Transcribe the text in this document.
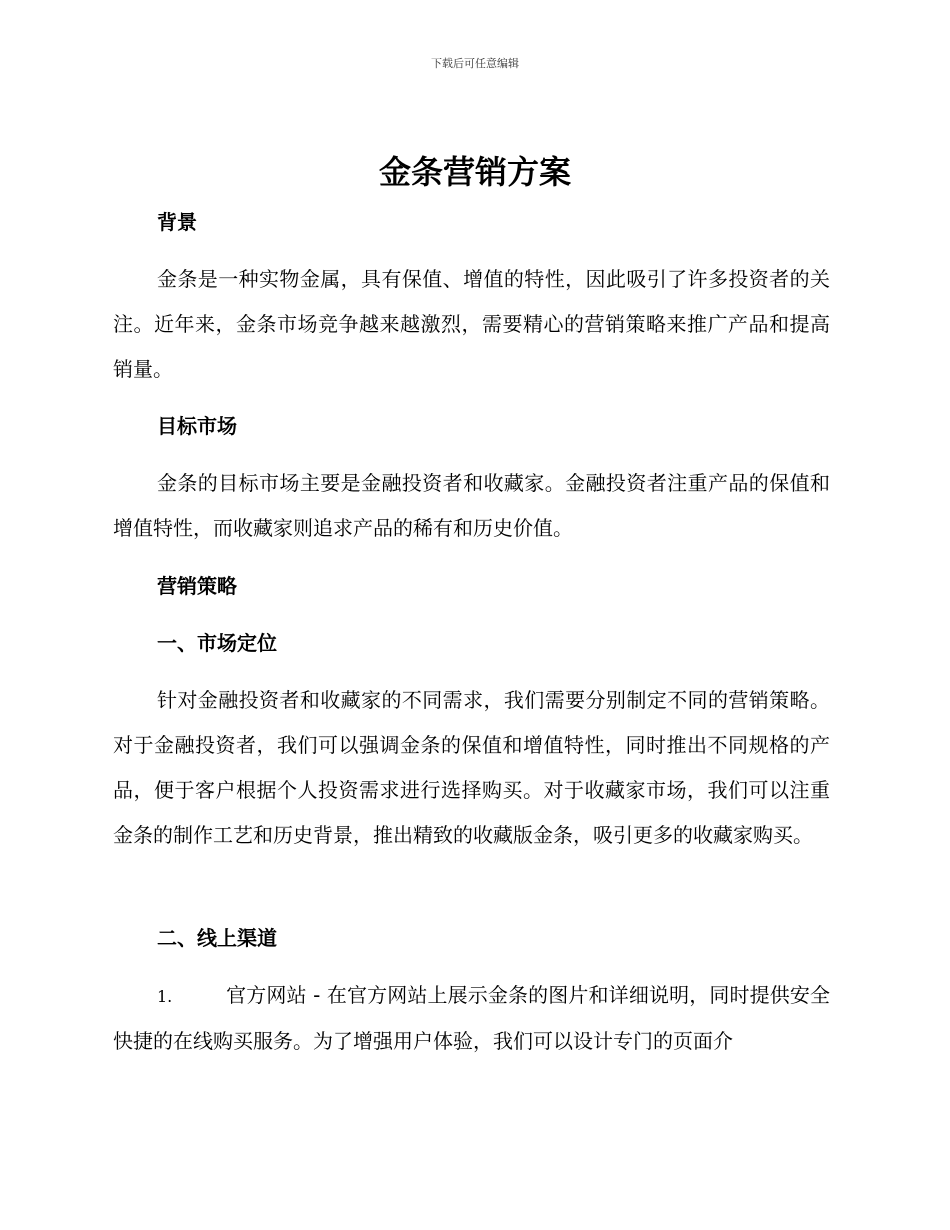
下载后可任意编辑
金条营销方案
背景

金条是一种实物金属，具有保值、增值的特性，因此吸引了许多投资者的关注。近年来，金条市场竞争越来越激烈，需要精心的营销策略来推广产品和提高销量。

目标市场

金条的目标市场主要是金融投资者和收藏家。金融投资者注重产品的保值和增值特性，而收藏家则追求产品的稀有和历史价值。

营销策略
一、市场定位

针对金融投资者和收藏家的不同需求，我们需要分别制定不同的营销策略。对于金融投资者，我们可以强调金条的保值和增值特性，同时推出不同规格的产品，便于客户根据个人投资需求进行选择购买。对于收藏家市场，我们可以注重金条的制作工艺和历史背景，推出精致的收藏版金条，吸引更多的收藏家购买。

二、线上渠道

1.	官方网站 - 在官方网站上展示金条的图片和详细说明，同时提供安全快捷的在线购买服务。为了增强用户体验，我们可以设计专门的页面介
